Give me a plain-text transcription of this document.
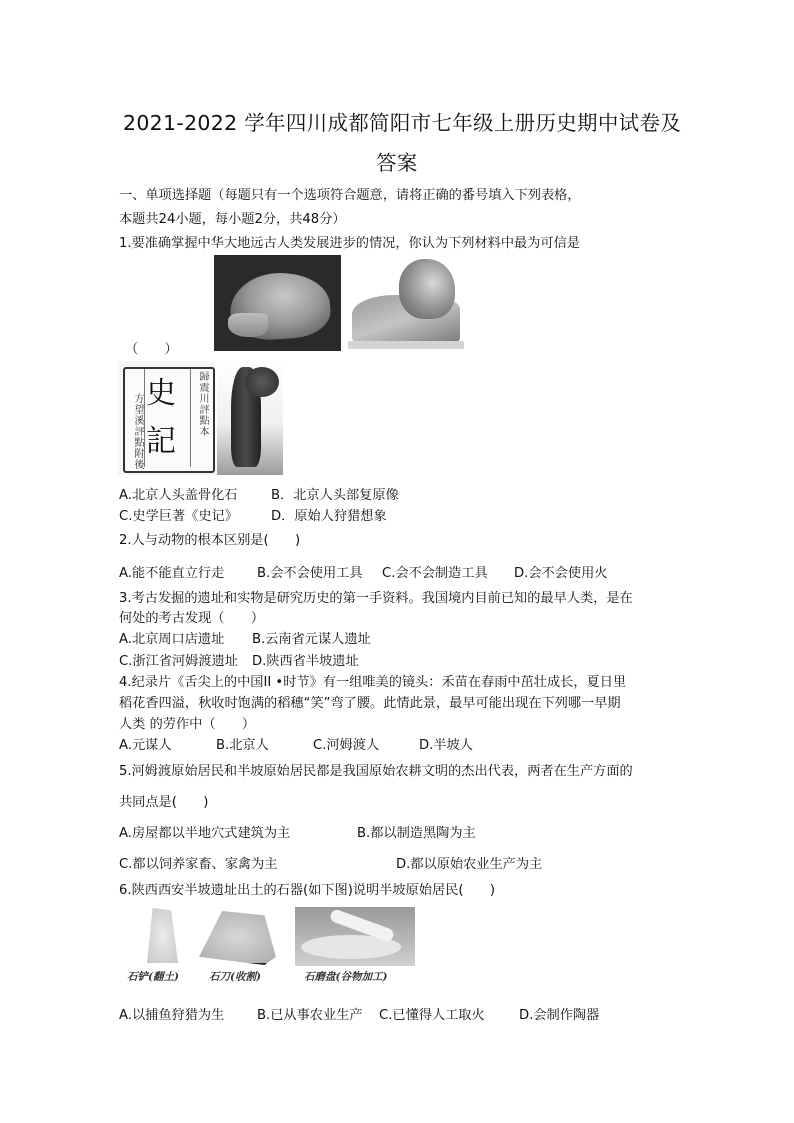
2021-2022 学年四川成都简阳市七年级上册历史期中试卷及
答案
一、单项选择题（每题只有一个选项符合题意，请将正确的番号填入下列表格，
本题共24小题，每小题2分，共48分）
1.要准确掌握中华大地远古人类发展进步的情况，你认为下列材料中最为可信是
（　　）
史
記
歸震川評點本
方望溪評點附後
A.北京人头盖骨化石	B．北京人头部复原像
C.史学巨著《史记》	D．原始人狩猎想象
2.人与动物的根本区别是(　　)
A.能不能直立行走 B.会不会使用工具 C.会不会制造工具 D.会不会使用火
3.考古发掘的遗址和实物是研究历史的第一手资料。我国境内目前已知的最早人类，是在
何处的考古发现（　　）
A.北京周口店遗址 B.云南省元谋人遗址
C.浙江省河姆渡遗址 D.陕西省半坡遗址
4.纪录片《舌尖上的中国II •时节》有一组唯美的镜头：禾苗在春雨中茁壮成长，夏日里
稻花香四溢，秋收时饱满的稻穗“笑”弯了腰。此情此景，最早可能出现在下列哪一早期
人类 的劳作中（　　）
A.元谋人	B.北京人	C.河姆渡人	D.半坡人
5.河姆渡原始居民和半坡原始居民都是我国原始农耕文明的杰出代表，两者在生产方面的
共同点是(　　)
A.房屋都以半地穴式建筑为主	B.都以制造黑陶为主
C.都以饲养家畜、家禽为主	D.都以原始农业生产为主
6.陕西西安半坡遗址出土的石器(如下图)说明半坡原始居民(　　)
石铲(翻土)	石刀(收割)	石磨盘(谷物加工)
A.以捕鱼狩猎为生 B.已从事农业生产 C.已懂得人工取火	D.会制作陶器
